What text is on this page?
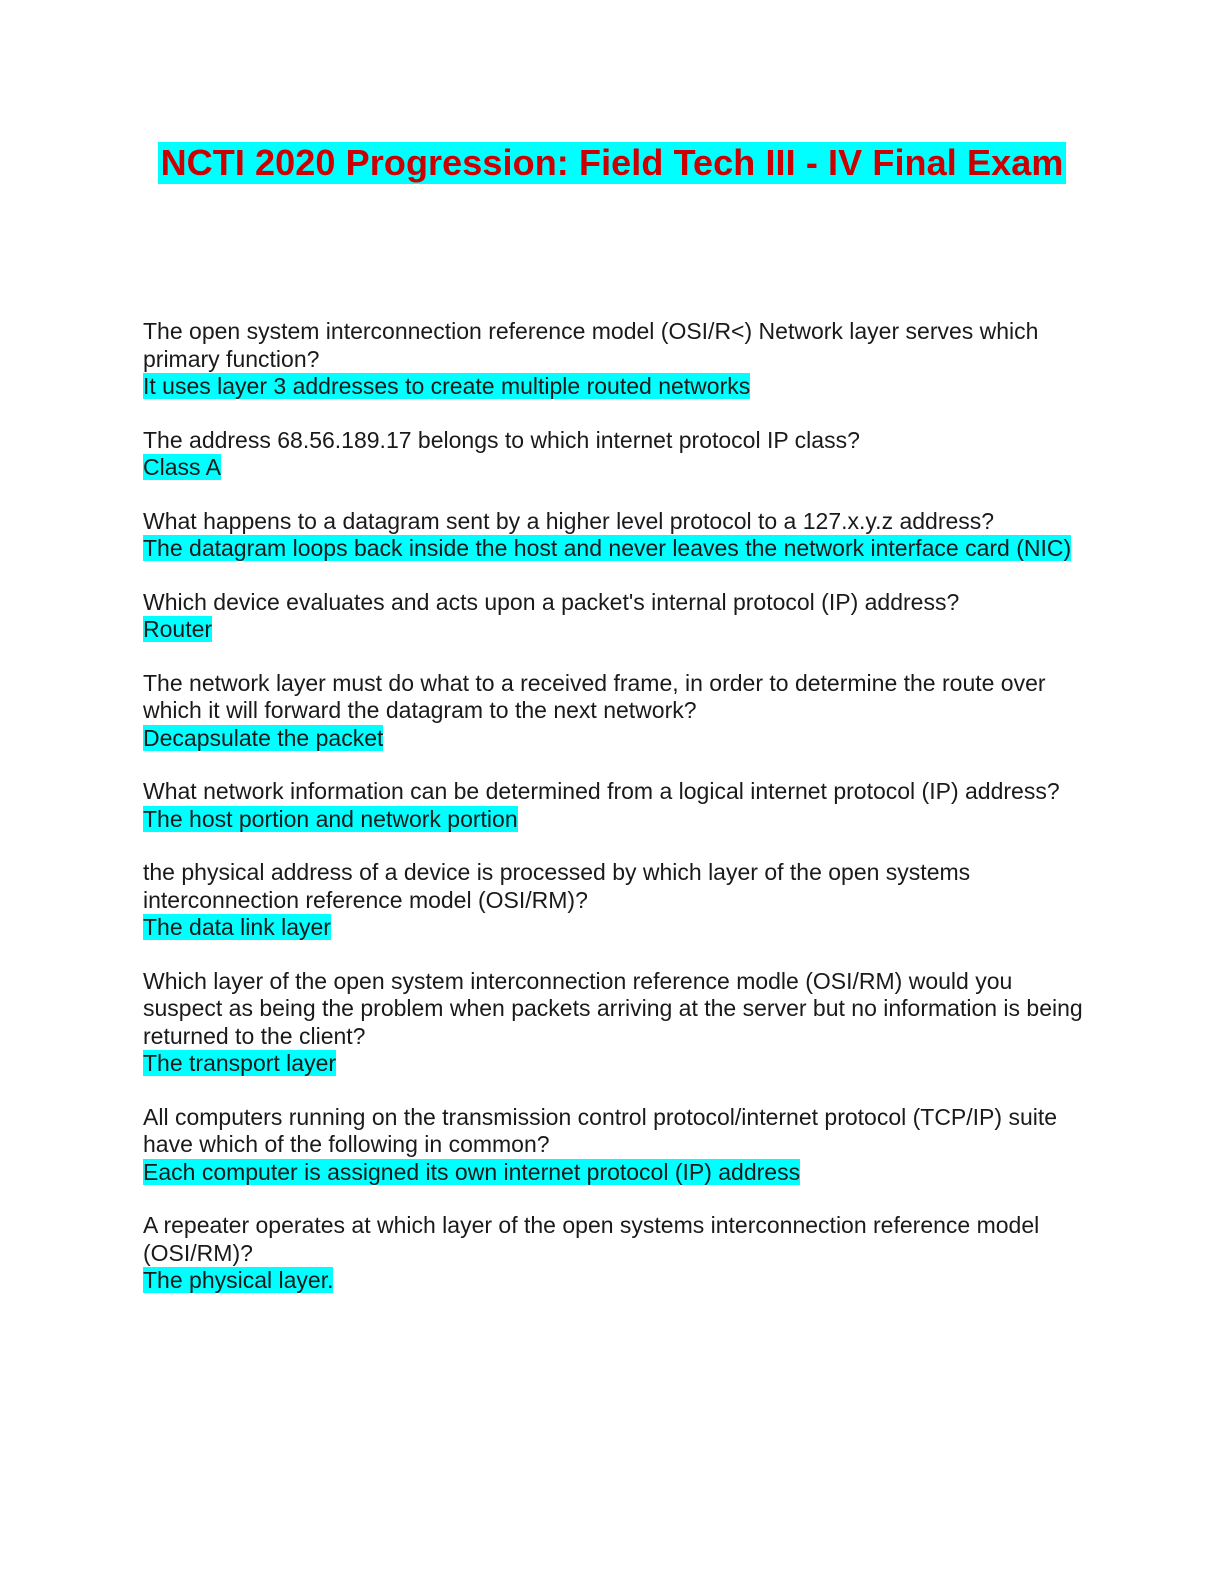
NCTI 2020 Progression: Field Tech III - IV Final Exam

The open system interconnection reference model (OSI/R<) Network layer serves which primary function?

It uses layer 3 addresses to create multiple routed networks

The address 68.56.189.17 belongs to which internet protocol IP class?

Class A

What happens to a datagram sent by a higher level protocol to a 127.x.y.z address?

The datagram loops back inside the host and never leaves the network interface card (NIC)

Which device evaluates and acts upon a packet's internal protocol (IP) address?

Router

The network layer must do what to a received frame, in order to determine the route over which it will forward the datagram to the next network?

Decapsulate the packet

What network information can be determined from a logical internet protocol (IP) address?

The host portion and network portion

the physical address of a device is processed by which layer of the open systems interconnection reference model (OSI/RM)?

The data link layer

Which layer of the open system interconnection reference modle (OSI/RM) would you suspect as being the problem when packets arriving at the server but no information is being returned to the client?

The transport layer

All computers running on the transmission control protocol/internet protocol (TCP/IP) suite have which of the following in common?

Each computer is assigned its own internet protocol (IP) address

A repeater operates at which layer of the open systems interconnection reference model (OSI/RM)?

The physical layer.
